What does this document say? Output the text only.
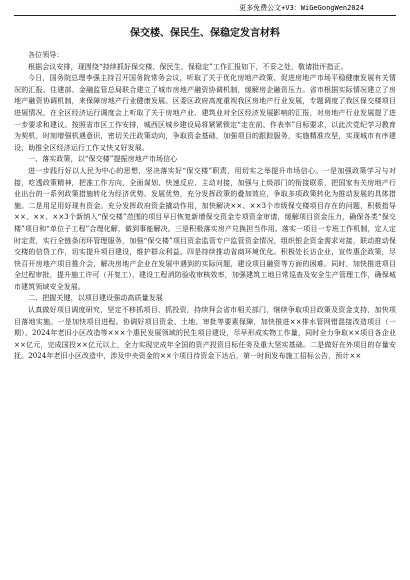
更多免费公文+V3：WiGeGongWen2024
保交楼、保民生、保稳定发言材料

各位领导：

根据会议安排，现围绕“持续抓好保交楼、保民生、保稳定”工作汇报如下，不妥之处，敬请批评指正。

今日，国务院总理李强主持召开国务院常务会议，听取了关于优化房地产政策、促进房地产市场平稳健康发展有关情况的汇报。住建部、金融监管总局联合建立了城市房地产融资协调机制，缓解房企融资压力。省市根据实际情况建立了房地产融资协调机制，来保障房地产行业健康发展。区委区政府高度重视我区房地产行业发展，专题调度了我区保交楼项目进展情况，在全区经济运行调度会上听取了关于房地产业、建筑业对全区经济发展影响的汇报，对房地产行业发展提了进一步要求和建议。按照省市区工作安排，城西区城乡建设局将紧紧锁定“走在前、作表率”目标要求，以此次党纪学习教育为契机，时刻增强机遇意识，密切关注政策动向，争取资金基础，加强项目的跟踪服务，实施精准攻坚，实现城市有序建设，助推全区经济运行工作又快又好发展。

一、落实政策，以“保交楼”提振房地产市场信心

进一步践行好以人民为中心的思想，坚决落实好“保交楼”职责，用切实之举提升市场信心。一是加强政策学习与对接，吃透政策精神，把准工作方向，全面谋划、快速反应、主动对接，加强与上级部门的衔接联系，把国家有关房地产行业出台的一系列政策措施转化为经济优势、发展优势，充分发挥政策的叠加效应，争取多项政策转化为推动发展的具体措施。二是用足用好现有资金。充分发挥政府资金撬动作用，加快解决××、××3个市级保交楼项目存在的问题，积极指导××、××、××3个新纳入“保交楼”范围的项目早日恢复新增保交资金专项资金审请，缓解项目资金压力，确保各类“保交楼”项目和“单位子工程”合理化解，做到事能解决。三是积极落实房产兑换担当作用。落实一项目一专班工作机制，定人定时定责，实行全链条闭环管理服务，加强“保交楼”项目资金监管专户监管资金情况，组织银企资金需求对接，联动推动保交楼的信贷工作，切实提升项目建设，维护群众利益。四是持续推动省商环境优化。积极处长访企业，宣传惠企政策，尽快召开房地产项目推介会，解决房地产企业在发展中遇到的实际问题，建设项目融资等方面的困难。同时，加快推进项目全过程审批，提升施工许可（开复工）、建设工程消防验收审核效率，加强建筑工地日常巡查及安全生产管理工作，确保城市建筑领域安全发展。

二、把握关键，以项目建设强动高质量发展

认真做好项目调度研究，坚定不移抓项目、抓投资，持续拜会省市相关部门，继续争取项目政策及资金支持，加快项目落地实施。一是加快项目进程。协调好项目资金、土地、审批等要素保障，加快推进××排水管网错混接改造项目（一期）、2024年老旧小区改造等×××个惠民发展领域的民生项目建设，尽早形成实物工作量，同时全力争取××项目各企业××亿元，完成国投××亿元以上，全力实现完成年全国的资产投资目标任务及重大坚实基础。二是做好在外项目的存量安抚。2024年老旧小区改造中，涉及中央资金的××个项目待资金下达后，第一时间发布施工招标公告，预计××
